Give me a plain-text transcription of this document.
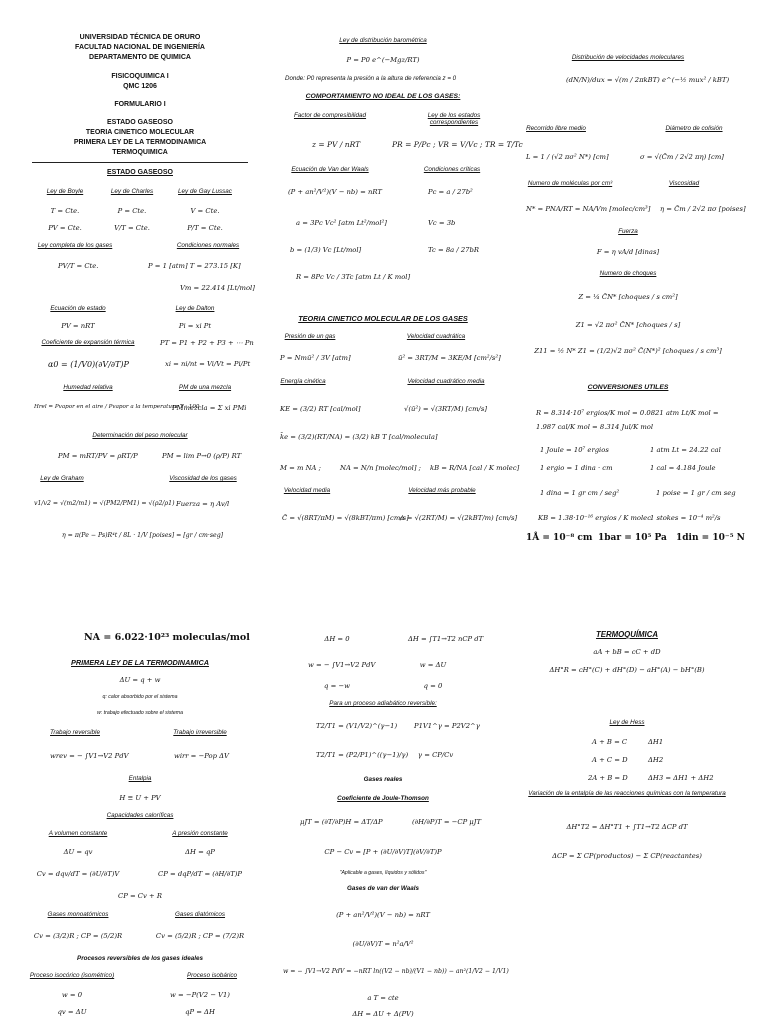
UNIVERSIDAD TÉCNICA DE ORURO
FACULTAD NACIONAL DE INGENIERÍA
DEPARTAMENTO DE QUIMICA
FISICOQUIMICA I
QMC 1206
FORMULARIO I
ESTADO GASEOSO
TEORIA CINETICO MOLECULAR
PRIMERA LEY DE LA TERMODINAMICA
TERMOQUIMICA
ESTADO GASEOSO
Ley de Boyle	Ley de Charles	Ley de Gay Lussac
T = Cte.	P = Cte.	V = Cte.
PV = Cte.	V/T = Cte.	P/T = Cte.
Ley completa de los gases	Condiciones normales
PV/T = Cte.	P = 1 [atm] T = 273.15 [K]
Vm = 22.414 [Lt/mol]
Ecuación de estado	Ley de Dalton
PV = nRT	Pi = xi Pt
Coeficiente de expansión térmica	PT = P1 + P2 + P3 + ⋯ Pn
α0 = (1/V0)(∂V/∂T)P	xi = ni/nt = Vi/Vt = Pi/Pt
Humedad relativa	PM de una mezcla
Hrel = Pvapor en el aire / Pvapor a la temperatura T · 100
PMmezcla = Σ xi PMi
Determinación del peso molecular
PM = mRT/PV = ρRT/P	PM = lim P→0 (ρ/P) RT
Ley de Graham	Viscosidad de los gases
v1/v2 = √(m2/m1) = √(PM2/PM1) = √(ρ2/ρ1) Fuerza = η Av/l
η = π(Pe − Ps)R⁴t / 8L · 1/V [poises] = [gr / cm·seg]
Ley de distribución barométrica
P = P0 e^(−Mgz/RT)
Donde: P0 representa la presión a la altura de referencia z = 0
COMPORTAMIENTO NO IDEAL DE LOS GASES:
Factor de compresibilidad	Ley de los estados correspondientes
z = PV / nRT	PR = P/Pc ; VR = V/Vc ; TR = T/Tc
Ecuación de Van der Waals	Condiciones críticas
(P + an²/V²)(V − nb) = nRT	Pc = a / 27b²
a = 3Pc Vc² [atm Lt²/mol²]	Vc = 3b
b = (1/3) Vc [Lt/mol]	Tc = 8a / 27bR
R = 8Pc Vc / 3Tc [atm Lt / K mol]
TEORIA CINETICO MOLECULAR DE LOS GASES
Presión de un gas	Velocidad cuadrática
P = Nmū² / 3V [atm]	ū² = 3RT/M = 3KE/M [cm²/s²]
Energía cinética	Velocidad cuadrático media
KE = (3/2) RT [cal/mol]	√(ū²) = √(3RT/M) [cm/s]
k̄e = (3/2)(RT/NA) = (3/2) kB T [cal/molecula]
M = m NA ;	NA = N/n [molec/mol] ; kB = R/NA [cal / K molec]
Velocidad media	Velocidad más probable
C̄ = √(8RT/πM) = √(8kBT/πm) [cm/s]
α = √(2RT/M) = √(2kBT/m) [cm/s]
Distribución de velocidades moleculares
(dN/N)/dux = √(m / 2πkBT) e^(−½ mux² / kBT)
Recorrido libre medio	Diámetro de colisión
L = 1 / (√2 πσ² N*) [cm]	σ = √(C̄m / 2√2 πη) [cm]
Numero de moléculas por cm³	Viscosidad
N* = PNA/RT = NA/Vm [molec/cm³] η = C̄m / 2√2 πσ [poises]
Fuerza
F = η vA/d [dinas]
Numero de choques
Z = ¼ C̄N* [choques / s cm²]
Z1 = √2 πσ² C̄N* [choques / s]
Z11 = ½ N* Z1 = (1/2)√2 πσ² C̄(N*)² [choques / s cm³]
CONVERSIONES UTILES
R = 8.314·10⁷ ergios/K mol = 0.0821 atm Lt/K mol = 1.987 cal/K mol = 8.314 Jul/K mol
1 Joule = 10⁷ ergios	1 atm Lt = 24.22 cal
1 ergio = 1 dina · cm	1 cal = 4.184 Joule
1 dina = 1 gr cm / seg²	1 poise = 1 gr / cm seg
KB = 1.38·10⁻¹⁶ ergios / K molec 1 stokes = 10⁻⁴ m²/s
1Å = 10⁻⁸ cm 1bar = 10⁵ Pa 1din = 10⁻⁵ N
NA = 6.022·10²³ moleculas/mol
PRIMERA LEY DE LA TERMODINAMICA
ΔU = q + w
q: calor absorbido por el sistema
w: trabajo efectuado sobre el sistema
Trabajo reversible	Trabajo irreversible
wrev = − ∫V1→V2 PdV	wirr = −Pop ΔV
Entalpia
H ≡ U + PV
Capacidades caloríficas
A volumen constante	A presión constante
ΔU = qv	ΔH = qP
Cv = dqv/dT = (∂U/∂T)V	CP = dqP/dT = (∂H/∂T)P
CP = Cv + R
Gases monoatómicos	Gases diatómicos
Cv = (3/2)R ; CP = (5/2)R	Cv = (5/2)R ; CP = (7/2)R
Procesos reversibles de los gases ideales
Proceso isocórico (isométrico)	Proceso isobárico
w = 0	w = −P(V2 − V1)
qv = ΔU	qP = ΔH
ΔH = 0	ΔH = ∫T1→T2 nCP dT
w = − ∫V1→V2 PdV	w = ΔU
q = −w	q = 0
Para un proceso adiabático reversible:
T2/T1 = (V1/V2)^(γ−1) P1V1^γ = P2V2^γ
T2/T1 = (P2/P1)^((γ−1)/γ) γ = CP/Cv
Gases reales
Coeficiente de Joule-Thomson
μJT = (∂T/∂P)H = ΔT/ΔP	(∂H/∂P)T = −CP μJT
CP − Cv = [P + (∂U/∂V)T](∂V/∂T)P
"Aplicable a gases, líquidos y sólidos"
Gases de van der Waals
(P + an²/V²)(V − nb) = nRT
(∂U/∂V)T = n²a/V²
w = − ∫V1→V2 PdV = −nRT ln((V2 − nb)/(V1 − nb)) − an²(1/V2 − 1/V1)
a T = cte
ΔH = ΔU + Δ(PV)
TERMOQUÍMICA
aA + bB = cC + dD
ΔH°R = cH°(C) + dH°(D) − aH°(A) − bH°(B)
Ley de Hess
A + B = C	ΔH1
A + C = D	ΔH2
2A + B = D	ΔH3 = ΔH1 + ΔH2
Variación de la entalpía de las reacciones químicas con la temperatura
ΔH°T2 = ΔH°T1 + ∫T1→T2 ΔCP dT
ΔCP = Σ CP(productos) − Σ CP(reactantes)
